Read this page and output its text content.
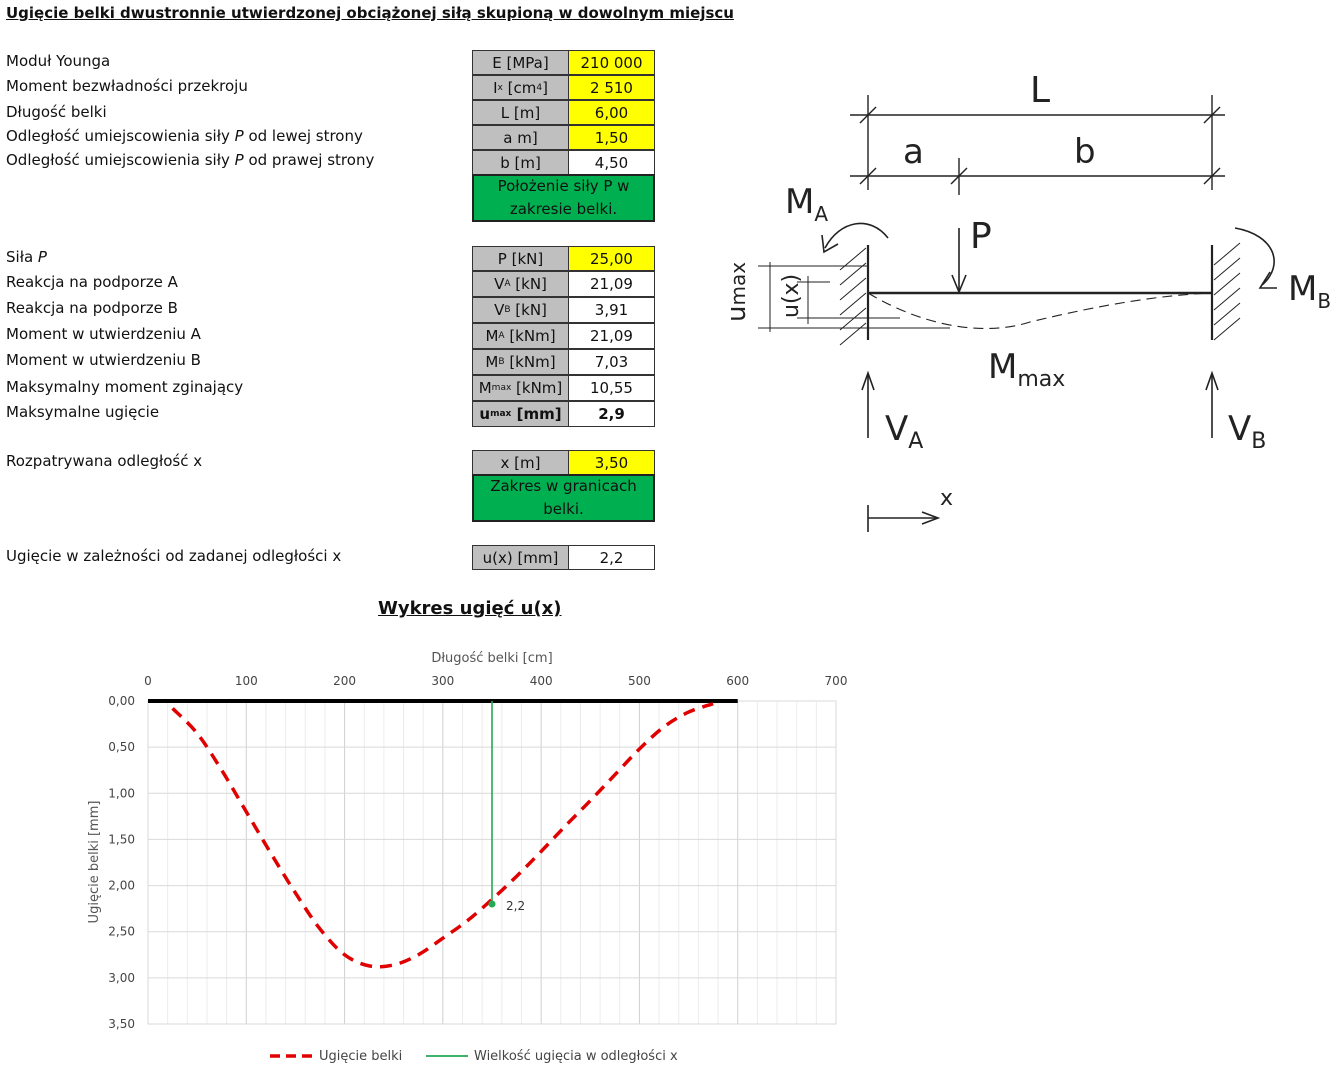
Ugięcie belki dwustronnie utwierdzonej obciążonej siłą skupioną w dowolnym miejscu
Moduł Younga
Moment bezwładności przekroju
Długość belki
Odległość umiejscowienia siły P od lewej strony
Odległość umiejscowienia siły P od prawej strony
E [MPa]	210 000
I x [cm 4 ]	2 510
L [m]	6,00
a m]	1,50
b [m]	4,50
Położenie siły P w zakresie belki.
Siła P
Reakcja na podporze A
Reakcja na podporze B
Moment w utwierdzeniu A
Moment w utwierdzeniu B
Maksymalny moment zginający
Maksymalne ugięcie
P [kN]	25,00
V A [kN]	21,09
V B [kN]	3,91
M A [kNm]	21,09
M B [kNm]	7,03
M max [kNm]	10,55
u max [mm]	2,9
Rozpatrywana odległość x	x [m]	3,50
Zakres w granicach belki.
Ugięcie w zależności od zadanej odległości x	u(x) [mm]	2,2
L
a	b
P
$M_A$
$M_B$
$M_{max}$
$V_A$	$V_B$
x
umax u(x)
Wykres ugięć u(x)
0	100	200	300	400	500	600	700
0,00
0,50
1,00
1,50
2,00
2,50
3,00
3,50
Długość belki [cm]
Ugięcie belki [mm]	2,2
Ugięcie belki	Wielkość ugięcia w odległości x
